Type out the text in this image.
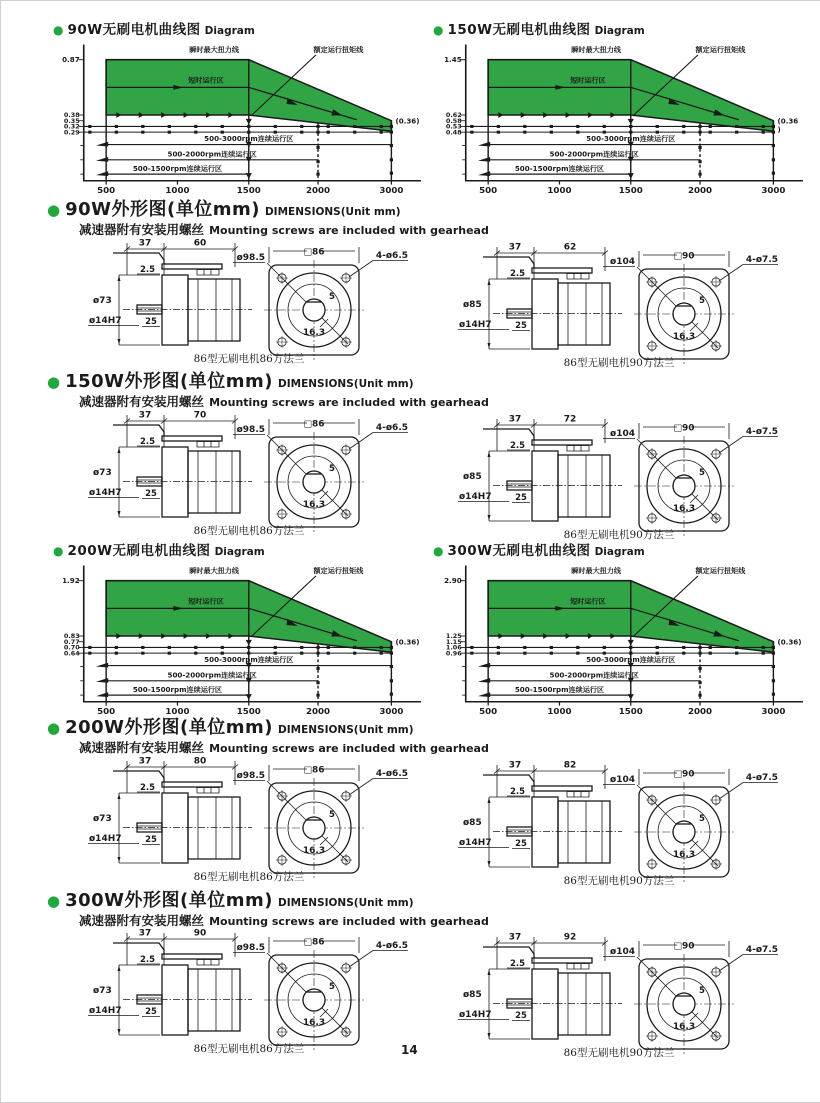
● 90W无刷电机曲线图 Diagram	● 150W无刷电机曲线图 Diagram
瞬时最大扭力线
短时运行区
额定运行扭矩线
(0.36)
0.87
0.38
0.35
0.32
0.29
500-3000rpm连续运行区
500-2000rpm连续运行区
500-1500rpm连续运行区
500	1000	1500	2000	3000
瞬时最大扭力线
短时运行区
额定运行扭矩线
(0.36
)
1.45
0.62
0.58
0.53
0.48
500-3000rpm连续运行区
500-2000rpm连续运行区
500-1500rpm连续运行区
500	1000	1500	2000	3000
● 90W外形图(单位mm) DIMENSIONS(Unit mm)
减速器附有安装用螺丝 Mounting screws are included with gearhead
37	60
2.5
ø73
ø14H7	25
□86
ø98.5	4-ø6.5
5
16.3
86型无刷电机86方法兰
37	62
2.5
ø85
ø14H7	25
□90
ø104	4-ø7.5
5
16.3
86型无刷电机90方法兰
● 150W外形图(单位mm) DIMENSIONS(Unit mm)
减速器附有安装用螺丝 Mounting screws are included with gearhead
37	70
2.5
ø73
ø14H7	25
□86
ø98.5	4-ø6.5
5
16.3
86型无刷电机86方法兰
37	72
2.5
ø85
ø14H7	25
□90
ø104	4-ø7.5
5
16.3
86型无刷电机90方法兰
● 200W无刷电机曲线图 Diagram	● 300W无刷电机曲线图 Diagram
瞬时最大扭力线
短时运行区
额定运行扭矩线
(0.36)
1.92
0.83
0.77
0.70
0.64
500-3000rpm连续运行区
500-2000rpm连续运行区
500-1500rpm连续运行区
500	1000	1500	2000	3000
瞬时最大扭力线
短时运行区
额定运行扭矩线
(0.36)
2.90
1.25
1.15
1.06
0.96
500-3000rpm连续运行区
500-2000rpm连续运行区
500-1500rpm连续运行区
500	1000	1500	2000	3000
● 200W外形图(单位mm) DIMENSIONS(Unit mm)
减速器附有安装用螺丝 Mounting screws are included with gearhead
37	80
2.5
ø73
ø14H7	25
□86
ø98.5	4-ø6.5
5
16.3
86型无刷电机86方法兰
37	82
2.5
ø85
ø14H7	25
□90
ø104	4-ø7.5
5
16.3
86型无刷电机90方法兰
● 300W外形图(单位mm) DIMENSIONS(Unit mm)
减速器附有安装用螺丝 Mounting screws are included with gearhead
37	90
2.5
ø73
ø14H7	25
□86
ø98.5	4-ø6.5
5
16.3
86型无刷电机86方法兰
37	92
2.5
ø85
ø14H7	25
□90
ø104	4-ø7.5
5
16.3
86型无刷电机90方法兰
14
